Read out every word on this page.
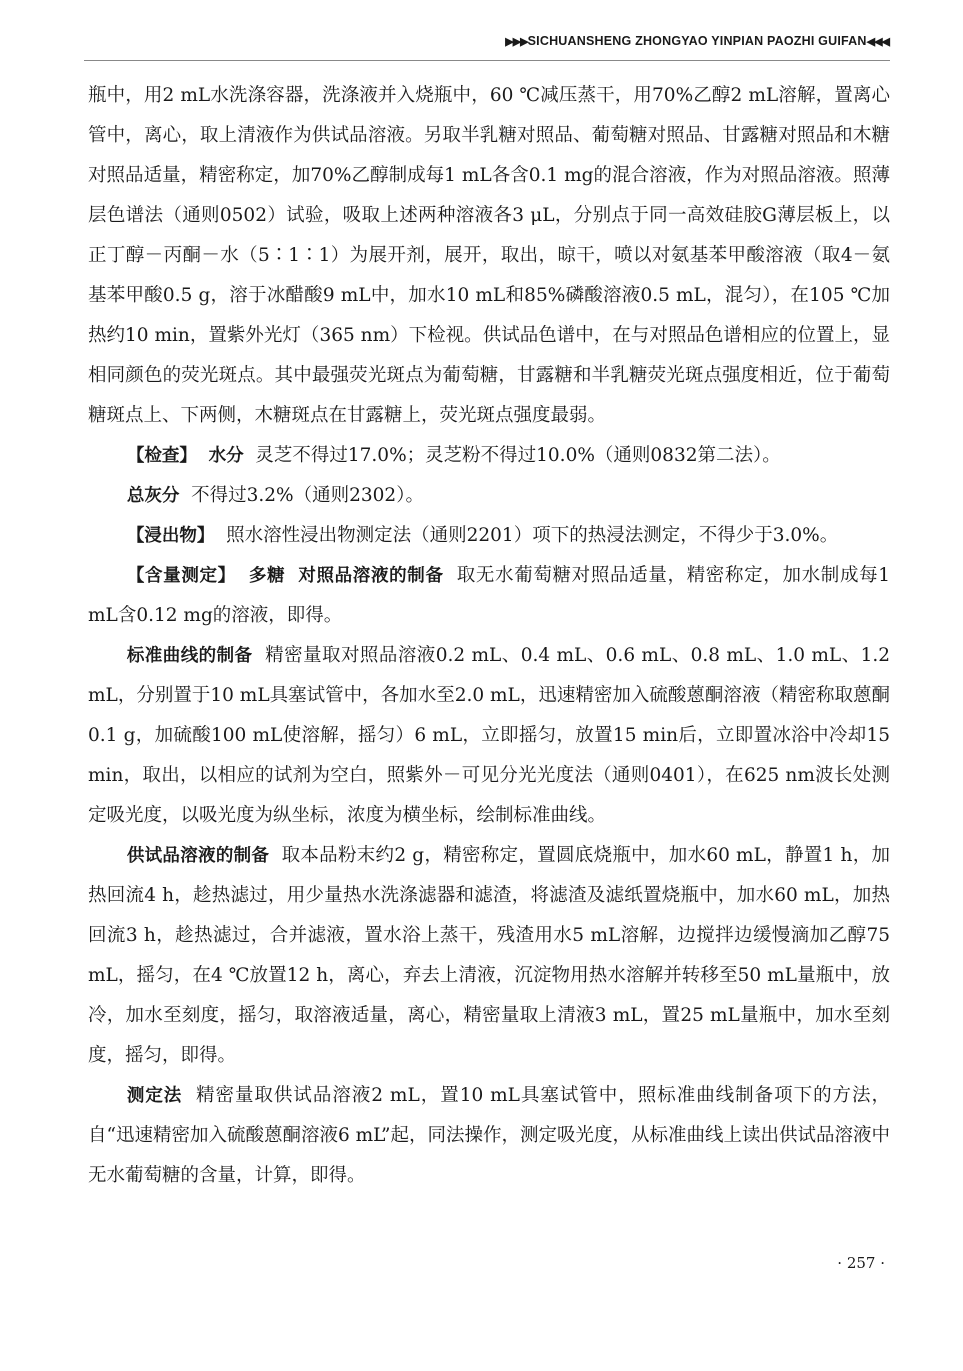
▶▶▶SICHUANSHENG ZHONGYAO YINPIAN PAOZHI GUIFAN◀◀◀

瓶中，用2 mL水洗涤容器，洗涤液并入烧瓶中，60 ℃减压蒸干，用70%乙醇2 mL溶解，置离心管中，离心，取上清液作为供试品溶液。另取半乳糖对照品、葡萄糖对照品、甘露糖对照品和木糖对照品适量，精密称定，加70%乙醇制成每1 mL各含0.1 mg的混合溶液，作为对照品溶液。照薄层色谱法（通则0502）试验，吸取上述两种溶液各3 μL，分别点于同一高效硅胶G薄层板上，以正丁醇－丙酮－水（5∶1∶1）为展开剂，展开，取出，晾干，喷以对氨基苯甲酸溶液（取4－氨基苯甲酸0.5 g，溶于冰醋酸9 mL中，加水10 mL和85%磷酸溶液0.5 mL，混匀），在105 ℃加热约10 min，置紫外光灯（365 nm）下检视。供试品色谱中，在与对照品色谱相应的位置上，显相同颜色的荧光斑点。其中最强荧光斑点为葡萄糖，甘露糖和半乳糖荧光斑点强度相近，位于葡萄糖斑点上、下两侧，木糖斑点在甘露糖上，荧光斑点强度最弱。

【检查】 水分 灵芝不得过17.0%；灵芝粉不得过10.0%（通则0832第二法）。

总灰分 不得过3.2%（通则2302）。

【浸出物】 照水溶性浸出物测定法（通则2201）项下的热浸法测定，不得少于3.0%。

【含量测定】 多糖 对照品溶液的制备 取无水葡萄糖对照品适量，精密称定，加水制成每1 mL含0.12 mg的溶液，即得。

标准曲线的制备 精密量取对照品溶液0.2 mL、0.4 mL、0.6 mL、0.8 mL、1.0 mL、1.2 mL，分别置于10 mL具塞试管中，各加水至2.0 mL，迅速精密加入硫酸蒽酮溶液（精密称取蒽酮0.1 g，加硫酸100 mL使溶解，摇匀）6 mL，立即摇匀，放置15 min后，立即置冰浴中冷却15 min，取出，以相应的试剂为空白，照紫外－可见分光光度法（通则0401），在625 nm波长处测定吸光度，以吸光度为纵坐标，浓度为横坐标，绘制标准曲线。

供试品溶液的制备 取本品粉末约2 g，精密称定，置圆底烧瓶中，加水60 mL，静置1 h，加热回流4 h，趁热滤过，用少量热水洗涤滤器和滤渣，将滤渣及滤纸置烧瓶中，加水60 mL，加热回流3 h，趁热滤过，合并滤液，置水浴上蒸干，残渣用水5 mL溶解，边搅拌边缓慢滴加乙醇75 mL，摇匀，在4 ℃放置12 h，离心，弃去上清液，沉淀物用热水溶解并转移至50 mL量瓶中，放冷，加水至刻度，摇匀，取溶液适量，离心，精密量取上清液3 mL，置25 mL量瓶中，加水至刻度，摇匀，即得。

测定法 精密量取供试品溶液2 mL，置10 mL具塞试管中，照标准曲线制备项下的方法，自“迅速精密加入硫酸蒽酮溶液6 mL”起，同法操作，测定吸光度，从标准曲线上读出供试品溶液中无水葡萄糖的含量，计算，即得。

· 257 ·
